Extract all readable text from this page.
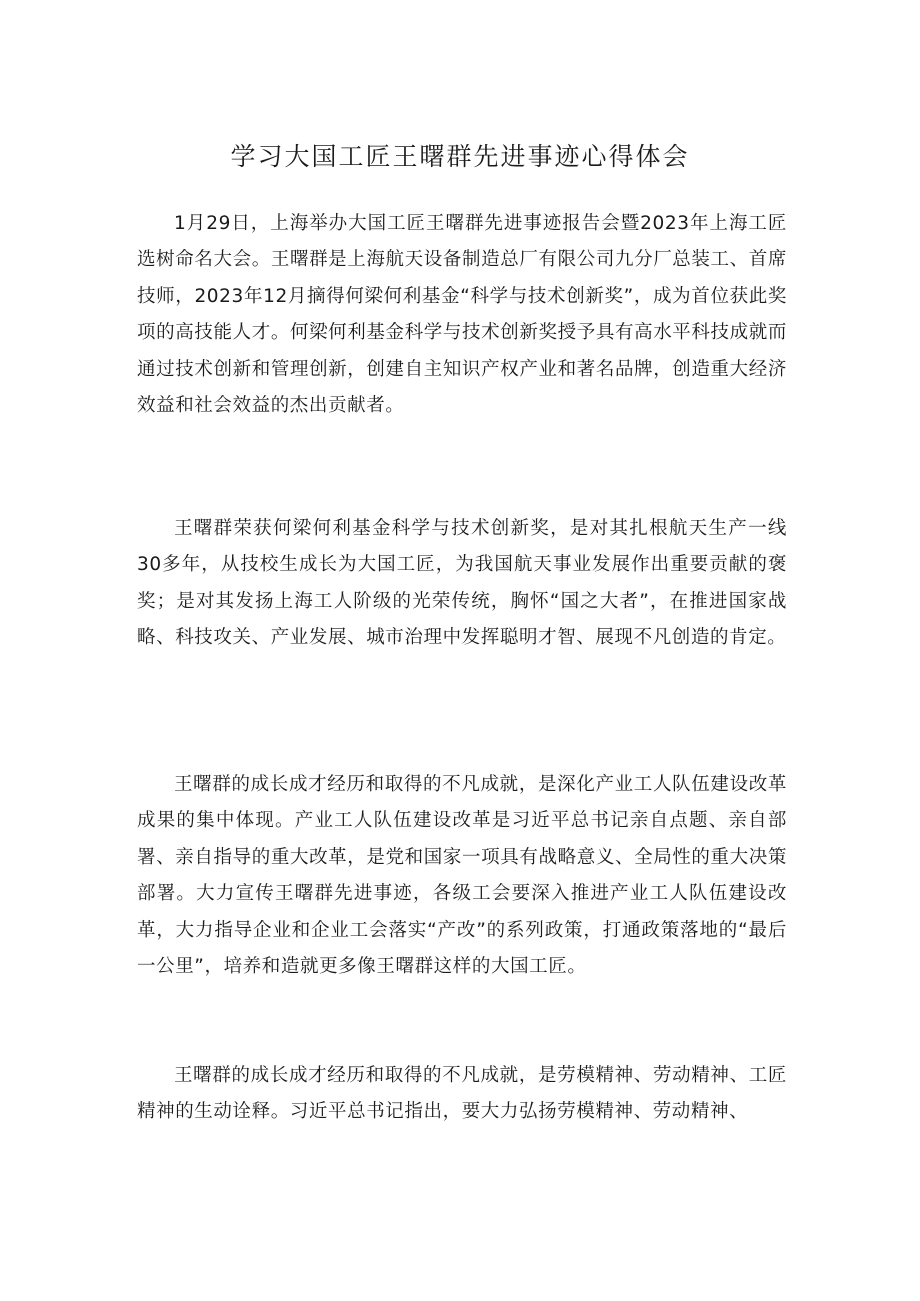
学习大国工匠王曙群先进事迹心得体会

1月29日，上海举办大国工匠王曙群先进事迹报告会暨2023年上海工匠选树命名大会。王曙群是上海航天设备制造总厂有限公司九分厂总装工、首席技师，2023年12月摘得何梁何利基金“科学与技术创新奖”，成为首位获此奖项的高技能人才。何梁何利基金科学与技术创新奖授予具有高水平科技成就而通过技术创新和管理创新，创建自主知识产权产业和著名品牌，创造重大经济效益和社会效益的杰出贡献者。

王曙群荣获何梁何利基金科学与技术创新奖，是对其扎根航天生产一线30多年，从技校生成长为大国工匠，为我国航天事业发展作出重要贡献的褒奖；是对其发扬上海工人阶级的光荣传统，胸怀“国之大者”，在推进国家战略、科技攻关、产业发展、城市治理中发挥聪明才智、展现不凡创造的肯定。

王曙群的成长成才经历和取得的不凡成就，是深化产业工人队伍建设改革成果的集中体现。产业工人队伍建设改革是习近平总书记亲自点题、亲自部署、亲自指导的重大改革，是党和国家一项具有战略意义、全局性的重大决策部署。大力宣传王曙群先进事迹，各级工会要深入推进产业工人队伍建设改革，大力指导企业和企业工会落实“产改”的系列政策，打通政策落地的“最后一公里”，培养和造就更多像王曙群这样的大国工匠。

王曙群的成长成才经历和取得的不凡成就，是劳模精神、劳动精神、工匠精神的生动诠释。习近平总书记指出，要大力弘扬劳模精神、劳动精神、
